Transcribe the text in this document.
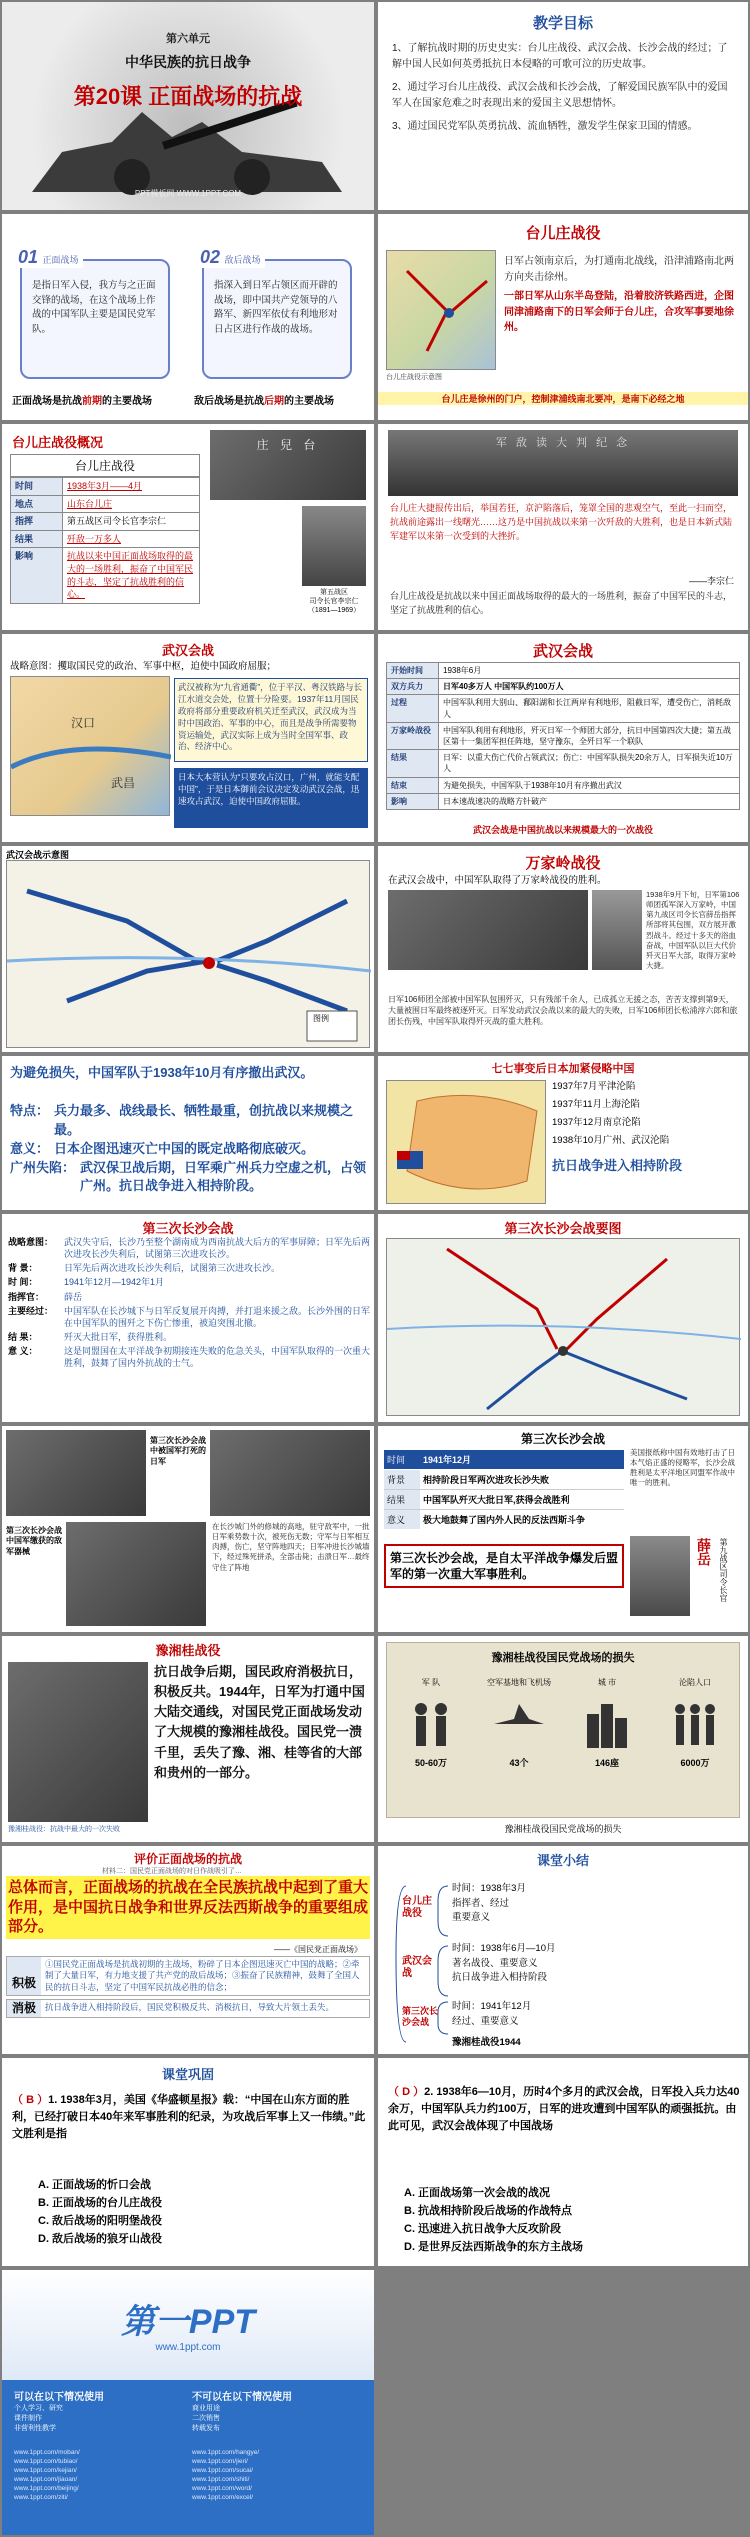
第六单元
中华民族的抗日战争
第20课 正面战场的抗战
PPT模板网 WWW.1PPT.COM
教学目标

1、了解抗战时期的历史史实：台儿庄战役、武汉会战、长沙会战的经过；了解中国人民如何英勇抵抗日本侵略的可歌可泣的历史故事。

2、通过学习台儿庄战役、武汉会战和长沙会战，了解爱国民族军队中的爱国军人在国家危难之时表现出来的爱国主义思想情怀。

3、通过国民党军队英勇抗战、流血牺牲，激发学生保家卫国的情感。

01 正面战场

是指日军入侵，我方与之正面交锋的战场，在这个战场上作战的中国军队主要是国民党军队。

02 敌后战场

指深入到日军占领区而开辟的战场，即中国共产党领导的八路军、新四军依仗有利地形对日占区进行作战的战场。

正面战场是抗战前期的主要战场	敌后战场是抗战后期的主要战场
台儿庄战役
台儿庄战役示意图

日军占领南京后，为打通南北战线，沿津浦路南北两方向夹击徐州。

一部日军从山东半岛登陆，沿着胶济铁路西进，企图同津浦路南下的日军会师于台儿庄，合攻军事要地徐州。

台儿庄是徐州的门户，控制津浦线南北要冲，是南下必经之地
台儿庄战役概况
台儿庄战役
时间	1938年3月——4月
地点	山东台儿庄
指挥	第五战区司令长官李宗仁
结果	歼敌一万多人
影响	抗战以来中国正面战场取得的最大的一场胜利，振奋了中国军民的斗志，坚定了抗战胜利的信心。
庄 兒 台
第五战区
司令长官李宗仁
（1891—1969）
军 敌 读 大 判 纪 念

台儿庄大捷报传出后，举国若狂，京沪陷落后，笼罩全国的悲观空气，至此一扫而空，抗战前途露出一线曙光……这乃是中国抗战以来第一次歼敌的大胜利，也是日本新式陆军建军以来第一次受到的大挫折。

——李宗仁

台儿庄战役是抗战以来中国正面战场取得的最大的一场胜利，振奋了中国军民的斗志，坚定了抗战胜利的信心。

武汉会战
战略意图：攫取国民党的政治、军事中枢，迫使中国政府屈服；
汉口
武昌
武汉被称为“九省通衢”，位于平汉、粤汉铁路与长江水道交会处，位置十分险要。1937年11月国民政府将部分重要政府机关迁至武汉，武汉成为当时中国政治、军事的中心，而且是战争所需要物资运输处，武汉实际上成为当时全国军事、政治、经济中心。
日本大本营认为“只要攻占汉口，广州，就能支配中国”，于是日本御前会议决定发动武汉会战，迅速攻占武汉，迫使中国政府屈服。
武汉会战
开始时间	1938年6月
双方兵力	日军40多万人 中国军队约100万人
过程	中国军队利用大别山、鄱阳湖和长江两岸有利地形，阻截日军，遭受伤亡，消耗敌人
万家岭战役	中国军队利用有利地形，歼灭日军一个师团大部分，抗日中国第四次大捷；第五战区第十一集团军担任阵地，坚守豫东，全歼日军一个联队
结果	日军：以重大伤亡代价占领武汉；伤亡：中国军队损失20余万人，日军损失近10万人
结束	为避免损失，中国军队于1938年10月有序撤出武汉
影响	日本速战速决的战略方针破产
武汉会战是中国抗战以来规模最大的一次战役
武汉会战示意图
图例
万家岭战役
在武汉会战中，中国军队取得了万家岭战役的胜利。

1938年9月下旬，日军第106师团孤军深入万家岭，中国第九战区司令长官薛岳指挥所部将其包围，双方展开激烈战斗。经过十多天的浴血奋战，中国军队以巨大代价歼灭日军大部，取得万家岭大捷。

日军106师团全部被中国军队包围歼灭，只有残部千余人，已成孤立无援之态，苦苦支撑到第9天，大量被围日军最终被逐歼灭。日军发动武汉会战以来的最大的失败，日军106师团长松浦淳六郎和旅团长伤残，中国军队取得歼灭战的重大胜利。

为避免损失，中国军队于1938年10月有序撤出武汉。

特点： 兵力最多、战线最长、牺牲最重，创抗战以来规模之最。
意义： 日本企图迅速灭亡中国的既定战略彻底破灭。
广州失陷： 武汉保卫战后期，日军乘广州兵力空虚之机，占领广州。抗日战争进入相持阶段。
七七事变后日本加紧侵略中国
1937年7月平津沦陷
1937年11月上海沦陷
1937年12月南京沦陷
1938年10月广州、武汉沦陷
抗日战争进入相持阶段
第三次长沙会战
战略意图：	武汉失守后，长沙乃至整个湖南成为西南抗战大后方的军事屏障；日军先后两次进攻长沙失利后，试图第三次进攻长沙。
背 景：	日军先后两次进攻长沙失利后，试图第三次进攻长沙。
时 间：	1941年12月—1942年1月
指挥官：	薛岳
主要经过：	中国军队在长沙城下与日军反复展开肉搏，并打退来援之敌。长沙外围的日军在中国军队的围歼之下伤亡惨重，被迫突围北撤。
结 果：	歼灭大批日军，获得胜利。
意 义：	这是同盟国在太平洋战争初期接连失败的危急关头，中国军队取得的一次重大胜利，鼓舞了国内外抗战的士气。
第三次长沙会战要图
第三次长沙会战中被国军打死的日军
第三次长沙会战中国军缴获的敌军器械

在长沙城门外的修城的高地，驻守敌军中，一批日军乘势数十次，被死伤无数；守军与日军相互肉搏，伤亡，坚守阵地四天；日军冲进长沙城墙下，经过殊死拼杀，全部击毙；击溃日军…最终守住了阵地

第三次长沙会战
时间	1941年12月
背景	相持阶段日军两次进攻长沙失败
结果	中国军队歼灭大批日军,获得会战胜利
意义	极大地鼓舞了国内外人民的反法西斯斗争
第三次长沙会战，是自太平洋战争爆发后盟军的第一次重大军事胜利。

美国报纸称中国有效地打击了日本气焰正盛的侵略军，长沙会战胜利是太平洋地区同盟军作战中唯一的胜利。

薛岳 第九战区司令长官
豫湘桂战役
豫湘桂战役：抗战中最大的一次失败

抗日战争后期，国民政府消极抗日，积极反共。1944年，日军为打通中国大陆交通线，对国民党正面战场发动了大规模的豫湘桂战役。国民党一溃千里，丢失了豫、湘、桂等省的大部和贵州的一部分。

豫湘桂战役国民党战场的损失
军 队
50-60万
空军基地和飞机场
43个
城 市
146座
沦陷人口
6000万
豫湘桂战役国民党战场的损失
评价正面战场的抗战
材料二：国民党正面战场的对日作战吸引了…
总体而言，正面战场的抗战在全民族抗战中起到了重大作用，是中国抗日战争和世界反法西斯战争的重要组成部分。
——《国民党正面战场》
积极
①国民党正面战场是抗战初期的主战场，粉碎了日本企图迅速灭亡中国的战略；②牵制了大量日军，有力地支援了共产党的敌后战场；③振奋了民族精神，鼓舞了全国人民的抗日斗志，坚定了中国军民抗战必胜的信念；
消极	抗日战争进入相持阶段后，国民党积极反共、消极抗日，导致大片领土丢失。
课堂小结
台儿庄战役
时间：1938年3月
指挥者、经过
重要意义
武汉会战
时间：1938年6月—10月
著名战役、重要意义
抗日战争进入相持阶段
第三次长沙会战
时间：1941年12月
经过、重要意义
豫湘桂战役1944
课堂巩固
（ B ）1. 1938年3月，美国《华盛顿星报》载：“中国在山东方面的胜利，已经打破日本40年来军事胜利的纪录，为攻战后军事上又一伟绩。”此文胜利是指
A. 正面战场的忻口会战
B. 正面战场的台儿庄战役
C. 敌后战场的阳明堡战役
D. 敌后战场的狼牙山战役
（ D ）2. 1938年6—10月，历时4个多月的武汉会战，日军投入兵力达40余万，中国军队兵力约100万，日军的进攻遭到中国军队的顽强抵抗。由此可见，武汉会战体现了中国战场
A. 正面战场第一次会战的战况
B. 抗战相持阶段后战场的作战特点
C. 迅速进入抗日战争大反攻阶段
D. 是世界反法西斯战争的东方主战场
第一PPT
www.1ppt.com
可以在以下情况使用
个人学习、研究
课件制作
非营利性教学
不可以在以下情况使用
商业用途
二次销售
转载发布
www.1ppt.com/moban/
www.1ppt.com/tubiao/
www.1ppt.com/kejian/
www.1ppt.com/jiaoan/
www.1ppt.com/beijing/
www.1ppt.com/ziti/
www.1ppt.com/hangye/
www.1ppt.com/jieri/
www.1ppt.com/sucai/
www.1ppt.com/shiti/
www.1ppt.com/word/
www.1ppt.com/excel/
